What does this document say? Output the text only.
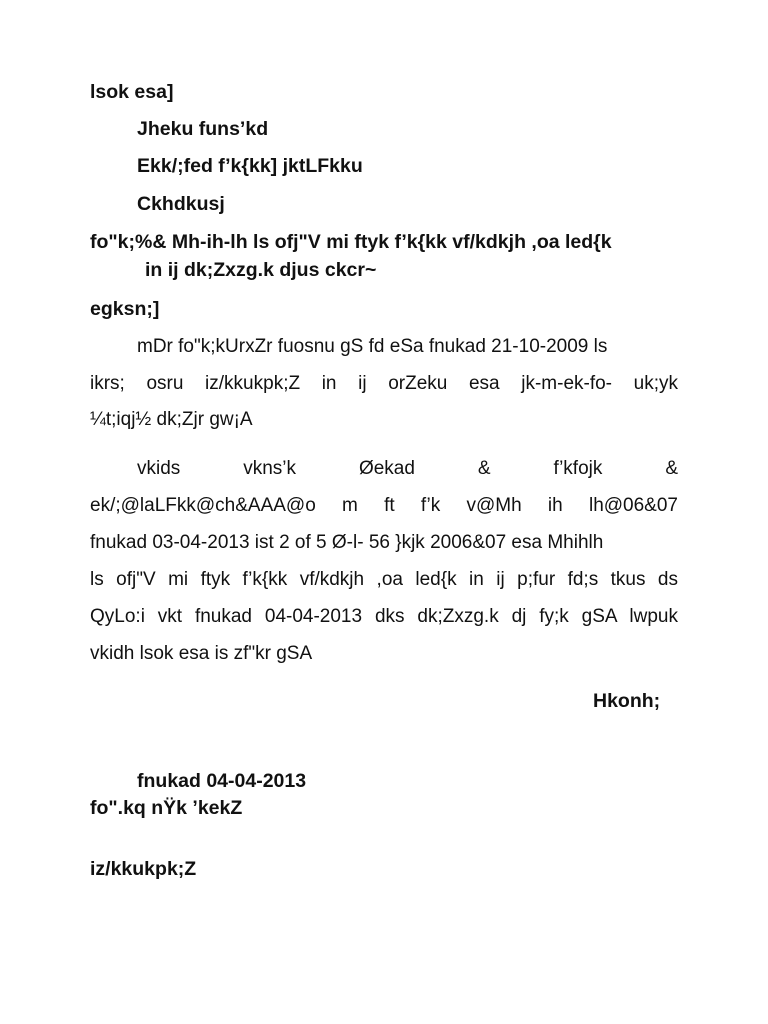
lsok esa]
Jheku funs’kd
Ekk/;fed f’k{kk] jktLFkku
Ckhdkusj
fo"k;%& Mh-ih-lh ls ofj"V mi ftyk f’k{kk vf/kdkjh ,oa led{k
in ij dk;Zxzg.k djus ckcr~
egksn;]
mDr fo"k;kUrxZr fuosnu gS fd eSa fnukad 21-10-2009 ls
ikrs; osru iz/kkukpk;Z in ij orZeku esa jk-m-ek-fo- uk;yk
¼t;iqj½ dk;Zjr gw¡A
vkids vkns’k Øekad & f’kfojk &
ek/;@laLFkk@ch&AAA@o m ft f’k v@Mh ih lh@06&07
fnukad 03-04-2013 ist 2 of 5 Ø-l- 56 }kjk 2006&07 esa Mhihlh
ls ofj"V mi ftyk f’k{kk vf/kdkjh ,oa led{k in ij p;fur fd;s tkus ds
QyLo:i vkt fnukad 04-04-2013 dks dk;Zxzg.k dj fy;k gSA lwpuk
vkidh lsok esa is zf"kr gSA
Hkonh;
fnukad 04-04-2013
fo".kq nŸk ’kekZ
iz/kkukpk;Z
